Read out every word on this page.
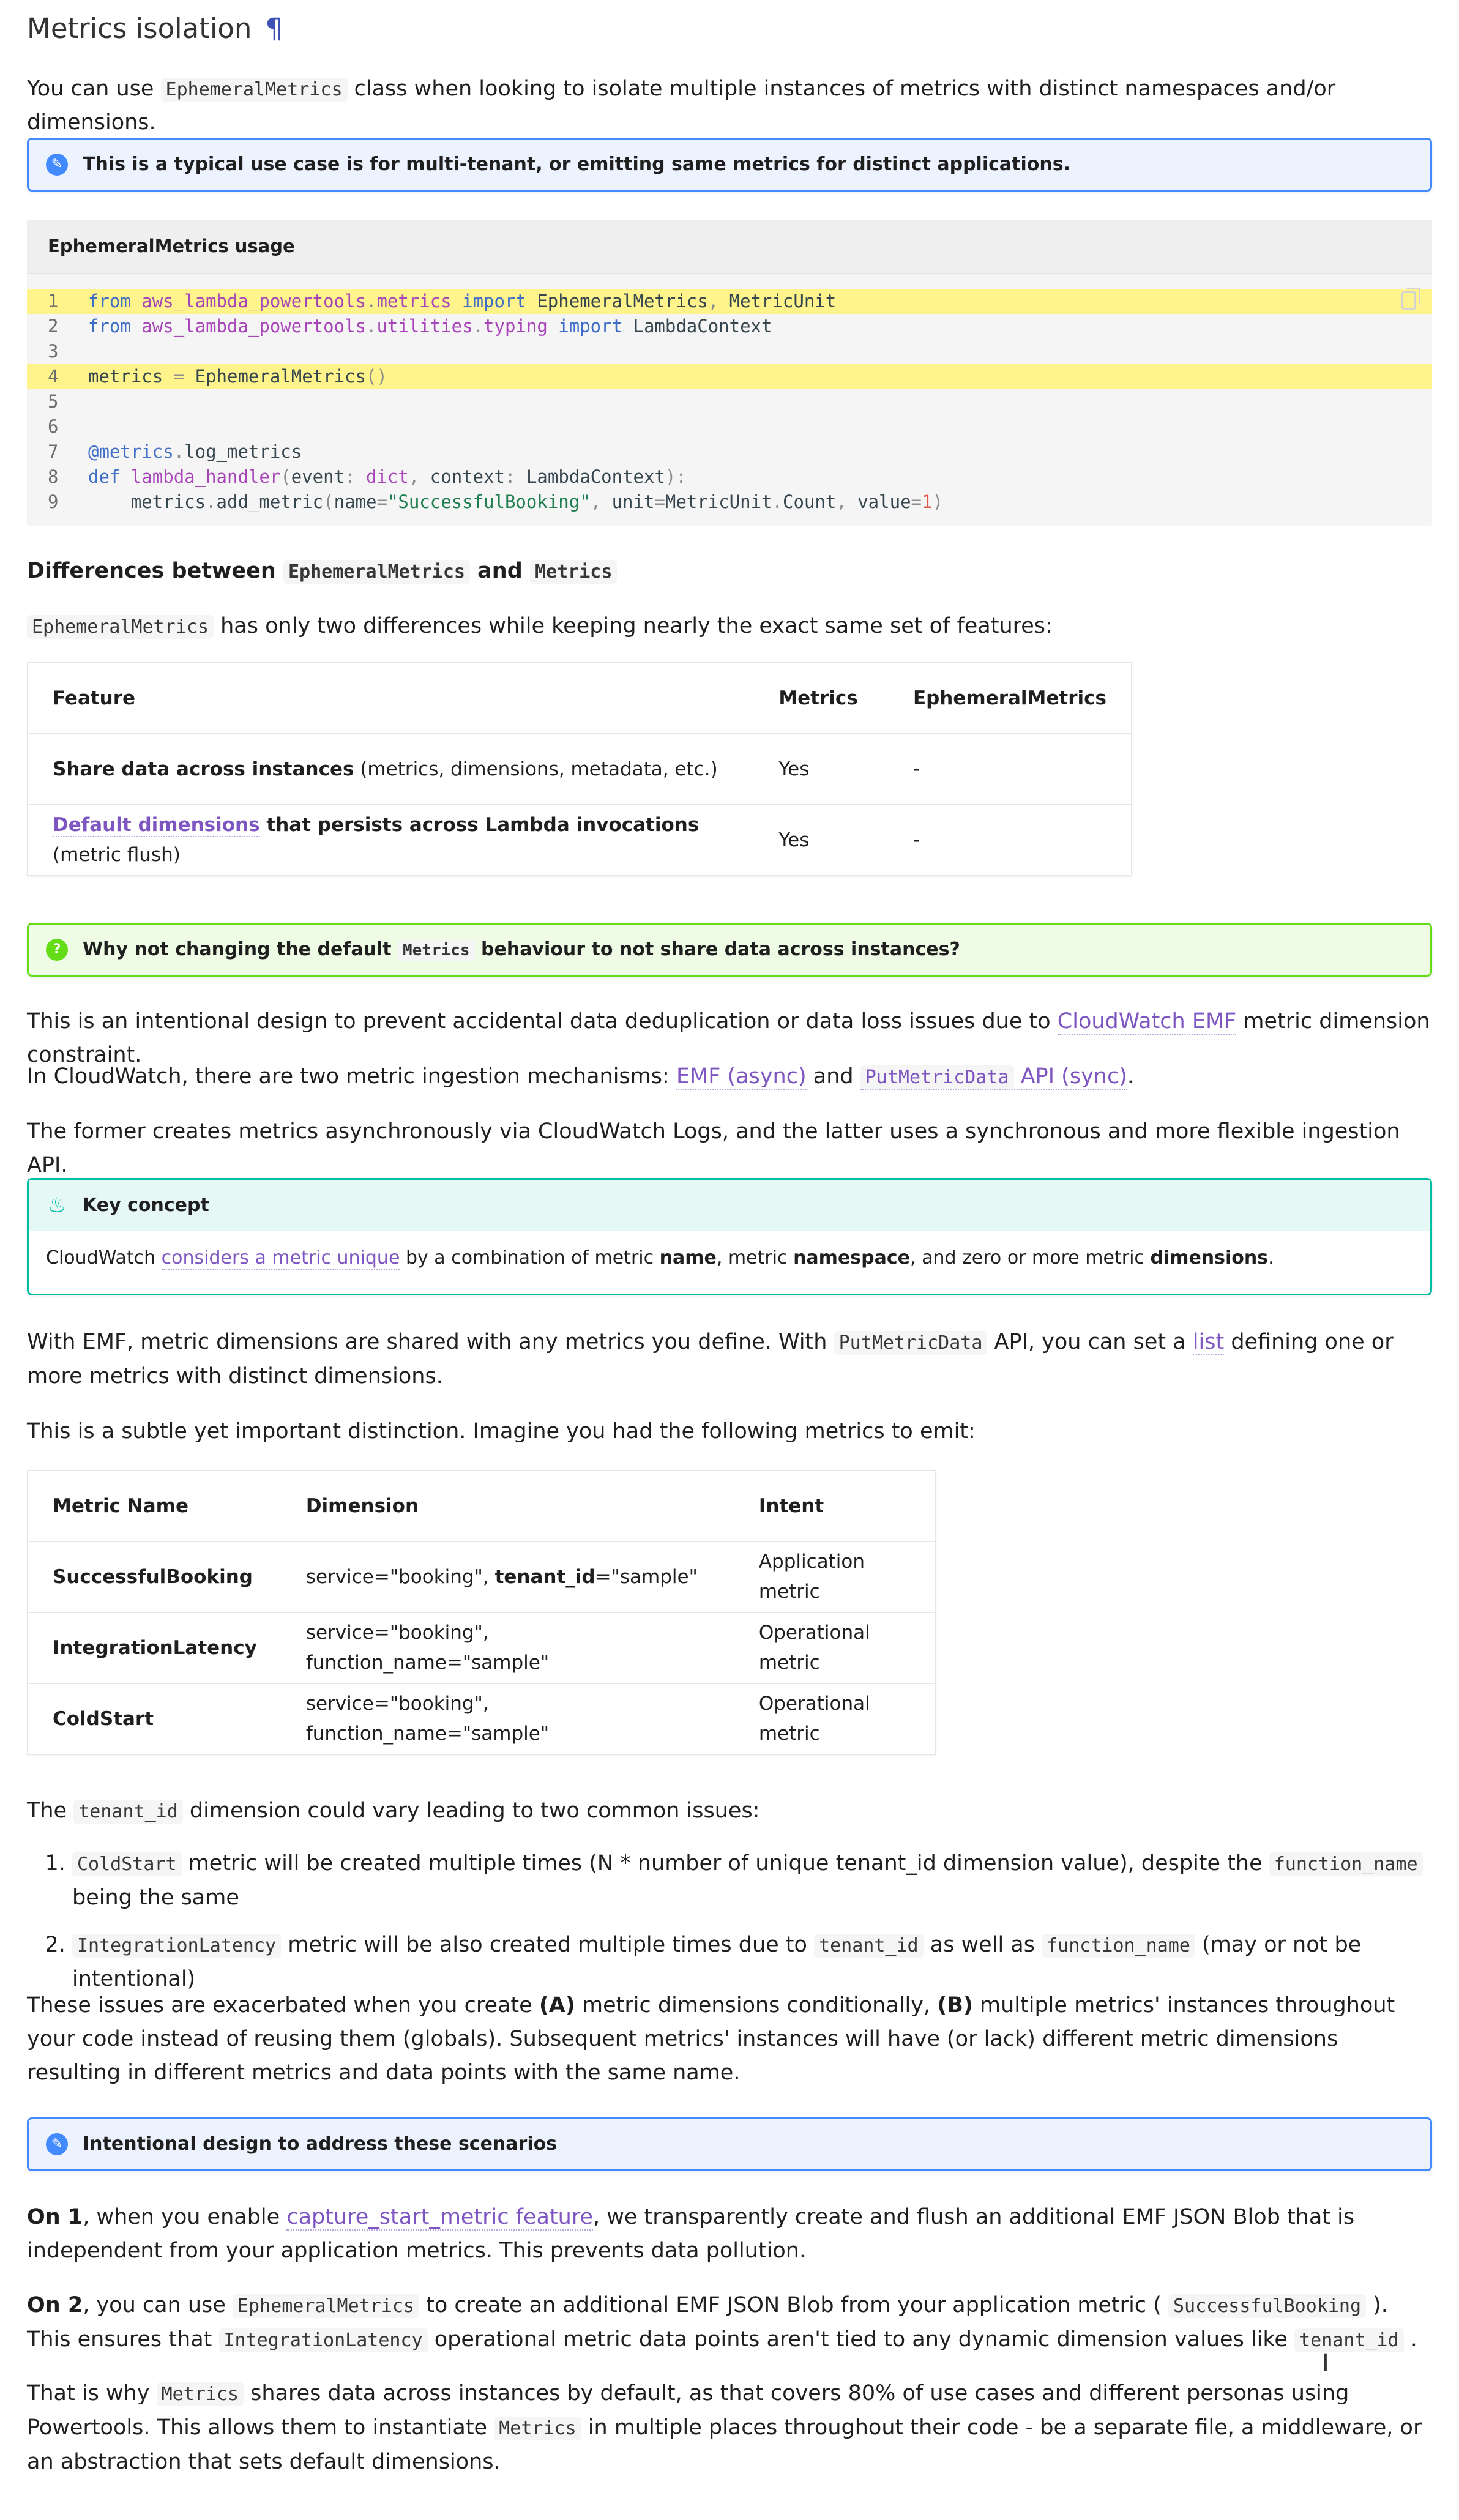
Metrics isolation ¶

You can use EphemeralMetrics class when looking to isolate multiple instances of metrics with distinct namespaces and/or dimensions.

✎ This is a typical use case is for multi-tenant, or emitting same metrics for distinct applications.
EphemeralMetrics usage
1	from aws_lambda_powertools.metrics import EphemeralMetrics, MetricUnit
2	from aws_lambda_powertools.utilities.typing import LambdaContext
3
4	metrics = EphemeralMetrics()
5
6
7	@metrics.log_metrics
8	def lambda_handler(event: dict, context: LambdaContext):
9	metrics.add_metric(name="SuccessfulBooking", unit=MetricUnit.Count, value=1)
Differences between EphemeralMetrics and Metrics

EphemeralMetrics has only two differences while keeping nearly the exact same set of features:

Feature	Metrics	EphemeralMetrics
Share data across instances (metrics, dimensions, metadata, etc.)	Yes	-
Default dimensions that persists across Lambda invocations (metric flush)	Yes	-
?	Why not changing the default Metrics behaviour to not share data across instances?

This is an intentional design to prevent accidental data deduplication or data loss issues due to CloudWatch EMF metric dimension constraint.

In CloudWatch, there are two metric ingestion mechanisms: EMF (async) and PutMetricData API (sync).

The former creates metrics asynchronously via CloudWatch Logs, and the latter uses a synchronous and more flexible ingestion API.

♨ Key concept
CloudWatch considers a metric unique by a combination of metric name, metric namespace, and zero or more metric dimensions.

With EMF, metric dimensions are shared with any metrics you define. With PutMetricData API, you can set a list defining one or more metrics with distinct dimensions.

This is a subtle yet important distinction. Imagine you had the following metrics to emit:

Metric Name	Dimension	Intent
SuccessfulBooking	service="booking", tenant_id="sample"	Application metric
IntegrationLatency	service="booking", function_name="sample"	Operational metric
ColdStart	service="booking", function_name="sample"	Operational metric

The tenant_id dimension could vary leading to two common issues:

1. ColdStart metric will be created multiple times (N * number of unique tenant_id dimension value), despite the function_name being the same
2. IntegrationLatency metric will be also created multiple times due to tenant_id as well as function_name (may or not be intentional)

These issues are exacerbated when you create (A) metric dimensions conditionally, (B) multiple metrics' instances throughout your code instead of reusing them (globals). Subsequent metrics' instances will have (or lack) different metric dimensions resulting in different metrics and data points with the same name.

✎ Intentional design to address these scenarios

On 1, when you enable capture_start_metric feature, we transparently create and flush an additional EMF JSON Blob that is independent from your application metrics. This prevents data pollution.

On 2, you can use EphemeralMetrics to create an additional EMF JSON Blob from your application metric ( SuccessfulBooking ). This ensures that IntegrationLatency operational metric data points aren't tied to any dynamic dimension values like tenant_id .

That is why Metrics shares data across instances by default, as that covers 80% of use cases and different personas using Powertools. This allows them to instantiate Metrics in multiple places throughout their code - be a separate file, a middleware, or an abstraction that sets default dimensions.

I
